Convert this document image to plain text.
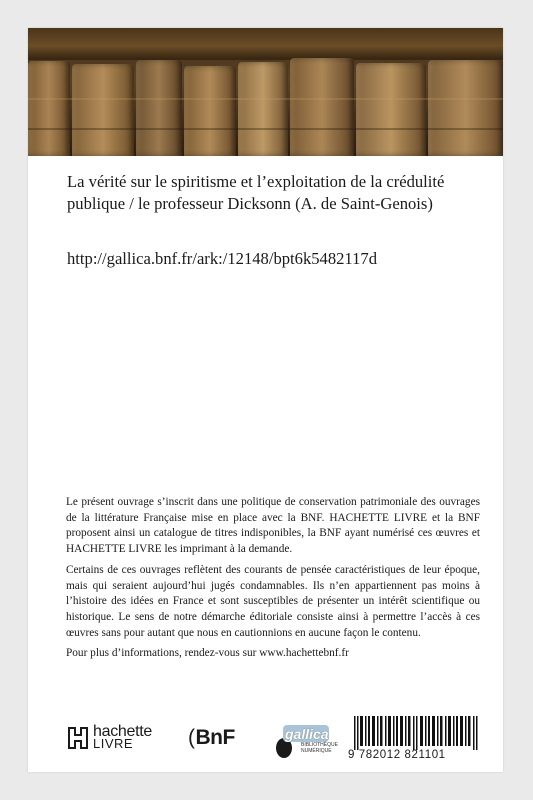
La vérité sur le spiritisme et l’exploitation de la crédulité publique / le professeur Dicksonn (A. de Saint-Genois)

http://gallica.bnf.fr/ark:/12148/bpt6k5482117d

Le présent ouvrage s’inscrit dans une politique de conservation patrimoniale des ouvrages de la littérature Française mise en place avec la BNF. HACHETTE LIVRE et la BNF proposent ainsi un catalogue de titres indisponibles, la BNF ayant numérisé ces œuvres et HACHETTE LIVRE les imprimant à la demande.

Certains de ces ouvrages reflètent des courants de pensée caractéristiques de leur époque, mais qui seraient aujourd’hui jugés condamnables. Ils n’en appartiennent pas moins à l’histoire des idées en France et sont susceptibles de présenter un intérêt scientifique ou historique. Le sens de notre démarche éditoriale consiste ainsi à permettre l’accès à ces œuvres sans pour autant que nous en cautionnions en aucune façon le contenu.

Pour plus d’informations, rendez-vous sur www.hachettebnf.fr

hachette
LIVRE	(BnF	gallica
BIBLIOTHÈQUE
NUMÉRIQUE	9 782012 821101
